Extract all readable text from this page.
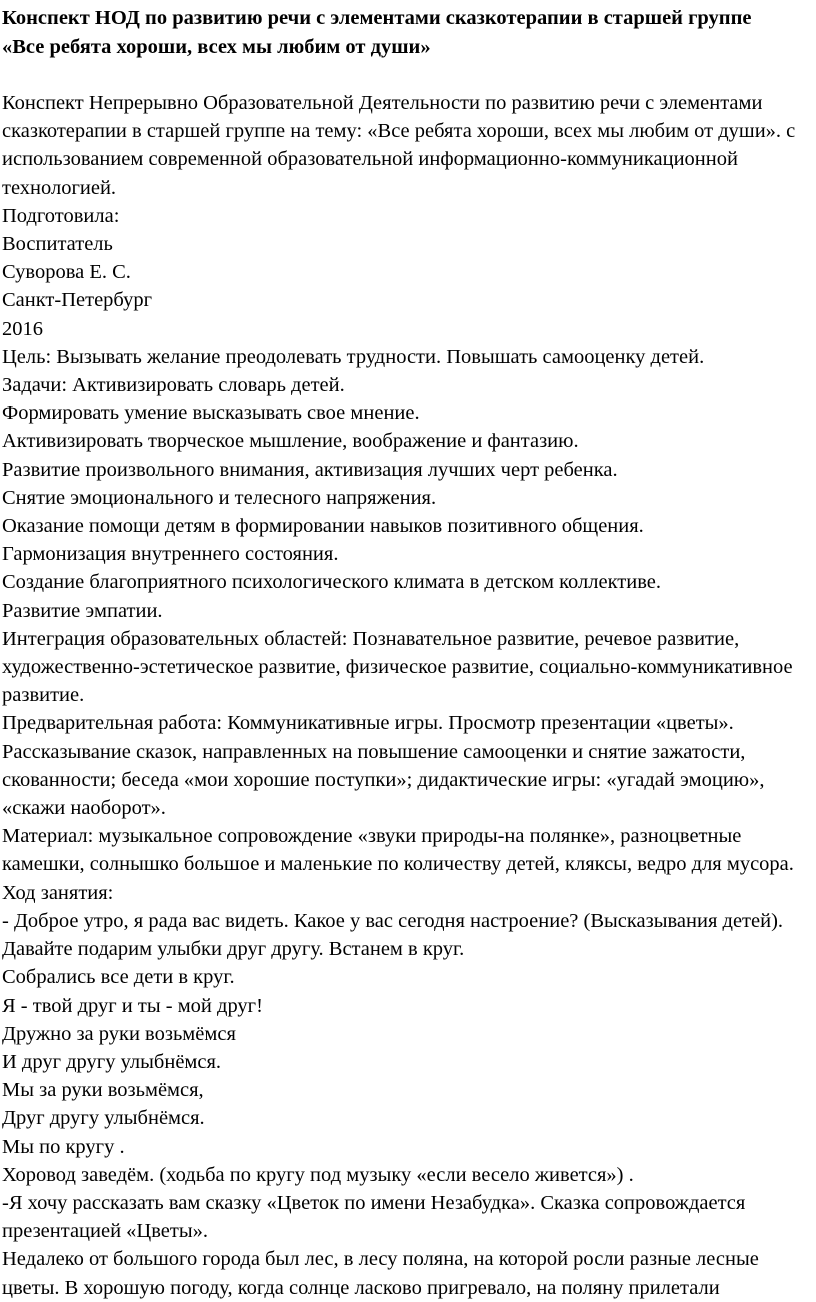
Конспект НОД по развитию речи с элементами сказкотерапии в старшей группе
«Все ребята хороши, всех мы любим от души»

Конспект Непрерывно Образовательной Деятельности по развитию речи с элементами сказкотерапии в старшей группе на тему: «Все ребята хороши, всех мы любим от души». с использованием современной образовательной информационно-коммуникационной технологией.

Подготовила:

Воспитатель

Суворова Е. С.

Санкт-Петербург

2016

Цель: Вызывать желание преодолевать трудности. Повышать самооценку детей.

Задачи: Активизировать словарь детей.

Формировать умение высказывать свое мнение.

Активизировать творческое мышление, воображение и фантазию.

Развитие произвольного внимания, активизация лучших черт ребенка.

Снятие эмоционального и телесного напряжения.

Оказание помощи детям в формировании навыков позитивного общения.

Гармонизация внутреннего состояния.

Создание благоприятного психологического климата в детском коллективе.

Развитие эмпатии.

Интеграция образовательных областей: Познавательное развитие, речевое развитие, художественно-эстетическое развитие, физическое развитие, социально-коммуникативное развитие.

Предварительная работа: Коммуникативные игры. Просмотр презентации «цветы».

Рассказывание сказок, направленных на повышение самооценки и снятие зажатости, скованности; беседа «мои хорошие поступки»; дидактические игры: «угадай эмоцию», «скажи наоборот».

Материал: музыкальное сопровождение «звуки природы-на полянке», разноцветные камешки, солнышко большое и маленькие по количеству детей, кляксы, ведро для мусора.

Ход занятия:

- Доброе утро, я рада вас видеть. Какое у вас сегодня настроение? (Высказывания детей).

Давайте подарим улыбки друг другу. Встанем в круг.

Собрались все дети в круг.

Я - твой друг и ты - мой друг!

Дружно за руки возьмёмся

И друг другу улыбнёмся.

Мы за руки возьмёмся,

Друг другу улыбнёмся.

Мы по кругу .

Хоровод заведём. (ходьба по кругу под музыку «если весело живется») .

-Я хочу рассказать вам сказку «Цветок по имени Незабудка». Сказка сопровождается презентацией «Цветы».

Недалеко от большого города был лес, в лесу поляна, на которой росли разные лесные цветы. В хорошую погоду, когда солнце ласково пригревало, на поляну прилетали
